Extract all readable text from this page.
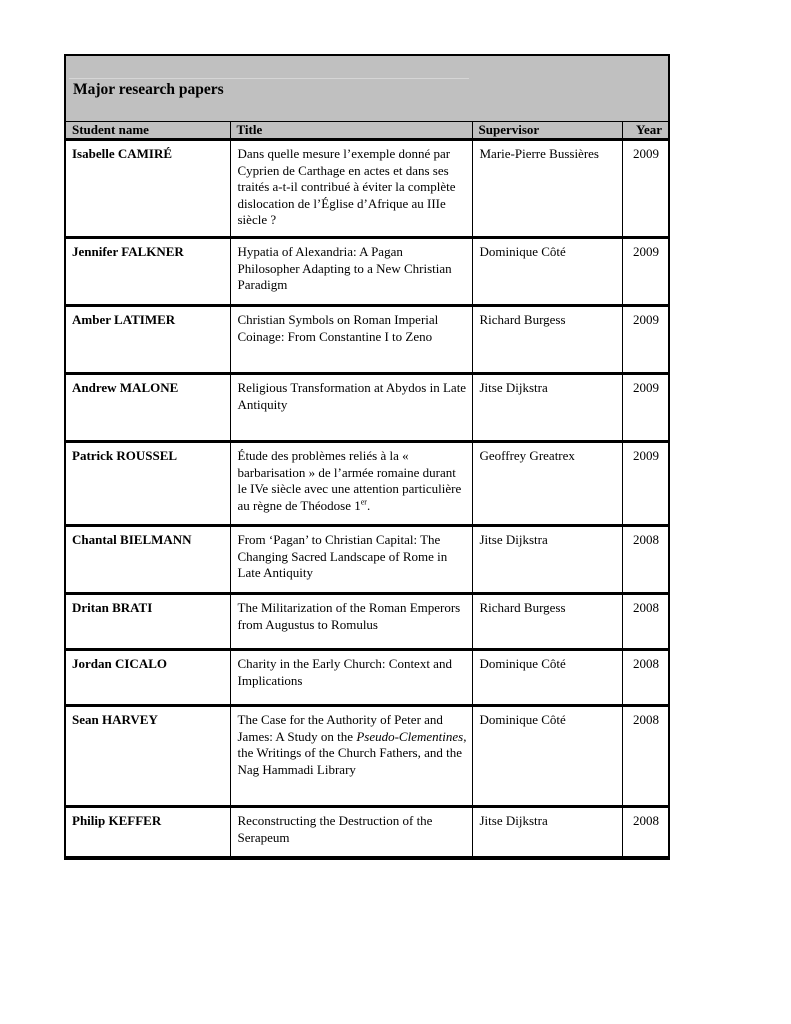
Major research papers			

Student name	Title	Supervisor	Year
Isabelle CAMIRÉ	Dans quelle mesure l’exemple donné par Cyprien de Carthage en actes et dans ses traités a-t-il contribué à éviter la complète dislocation de l’Église d’Afrique au IIIe siècle ?	Marie-Pierre Bussières	2009
Jennifer FALKNER	Hypatia of Alexandria: A Pagan Philosopher Adapting to a New Christian Paradigm	Dominique Côté	2009
Amber LATIMER	Christian Symbols on Roman Imperial Coinage: From Constantine I to Zeno	Richard Burgess	2009
Andrew MALONE	Religious Transformation at Abydos in Late Antiquity	Jitse Dijkstra	2009
Patrick ROUSSEL	Étude des problèmes reliés à la « barbarisation » de l’armée romaine durant le IVe siècle avec une attention particulière au règne de Théodose 1er.	Geoffrey Greatrex	2009
Chantal BIELMANN	From ‘Pagan’ to Christian Capital: The Changing Sacred Landscape of Rome in Late Antiquity	Jitse Dijkstra	2008
Dritan BRATI	The Militarization of the Roman Emperors from Augustus to Romulus	Richard Burgess	2008
Jordan CICALO	Charity in the Early Church: Context and Implications	Dominique Côté	2008
Sean HARVEY	The Case for the Authority of Peter and James: A Study on the Pseudo-Clementines, the Writings of the Church Fathers, and the Nag Hammadi Library	Dominique Côté	2008
Philip KEFFER	Reconstructing the Destruction of the Serapeum	Jitse Dijkstra	2008
